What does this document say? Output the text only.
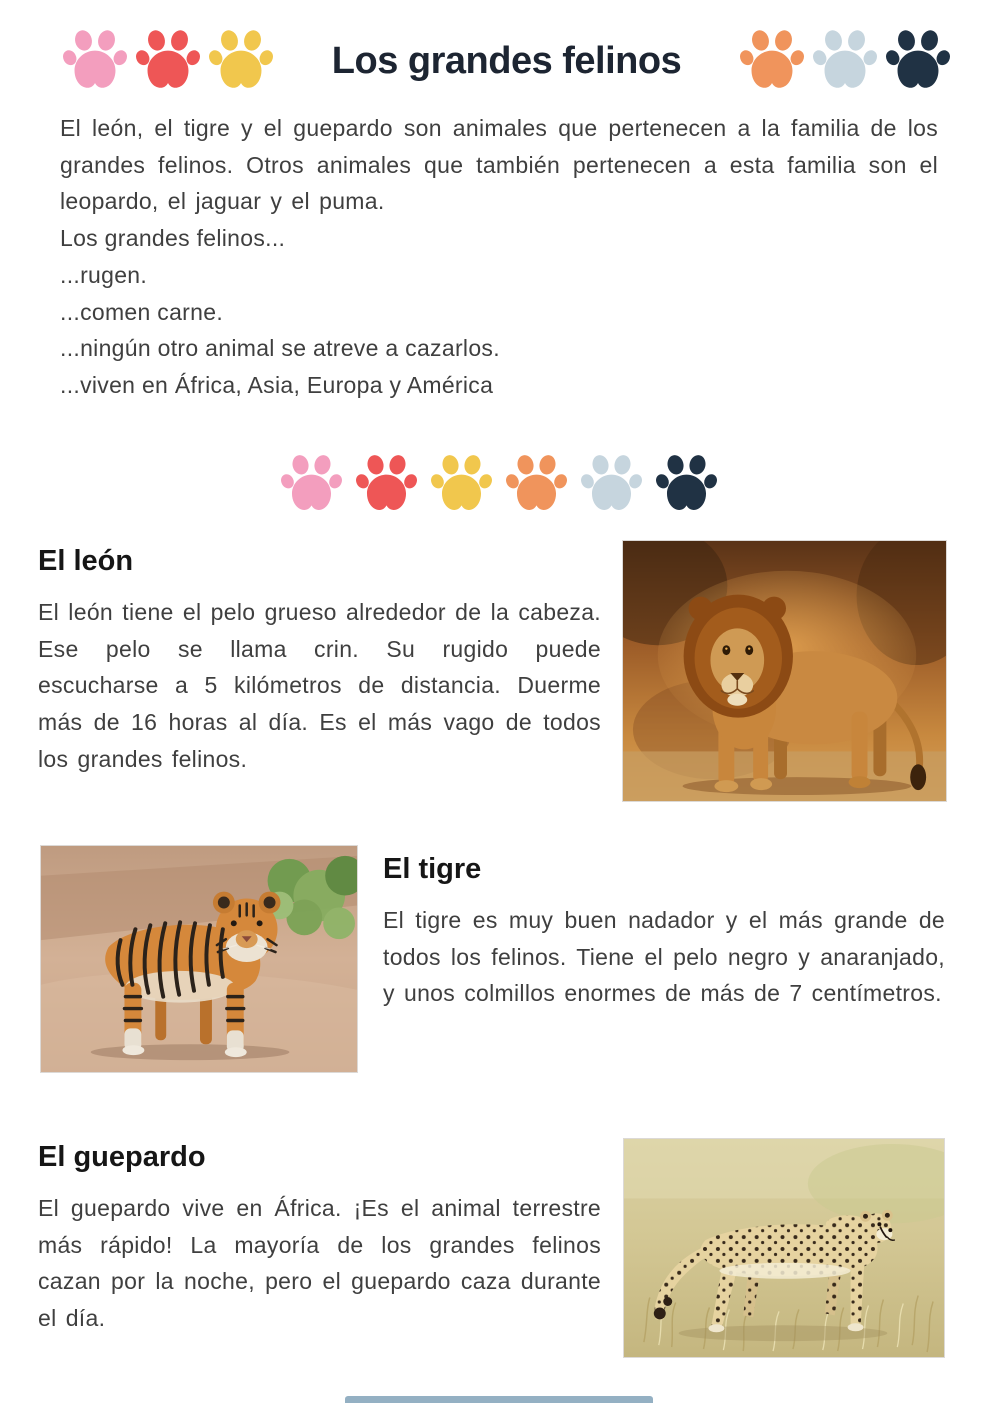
Los grandes felinos

El león, el tigre y el guepardo son animales que pertenecen a la familia de los grandes felinos. Otros animales que también pertenecen a esta familia son el leopardo, el jaguar y el puma.

Los grandes felinos...

...rugen.

...comen carne.

...ningún otro animal se atreve a cazarlos.

...viven en África, Asia, Europa y América

El león

El león tiene el pelo grueso alrededor de la cabeza. Ese pelo se llama crin. Su rugido puede escucharse a 5 kilómetros de distancia. Duerme más de 16 horas al día. Es el más vago de todos los grandes felinos.

El tigre

El tigre es muy buen nadador y el más grande de todos los felinos. Tiene el pelo negro y anaranjado, y unos colmillos enormes de más de 7 centímetros.

El guepardo

El guepardo vive en África. ¡Es el animal terrestre más rápido! La mayoría de los grandes felinos cazan por la noche, pero el guepardo caza durante el día.
